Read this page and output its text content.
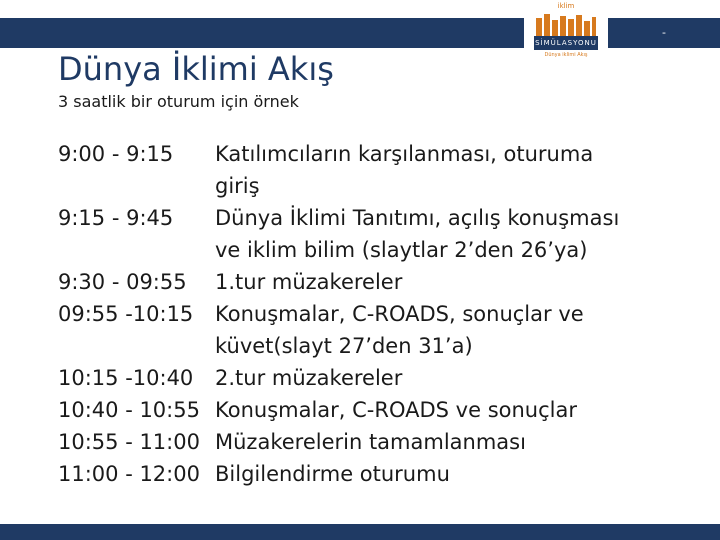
-
iklim
SİMÜLASYONU
Dünya iklimi Akış
Dünya İklimi Akış
3 saatlik bir oturum için örnek
9:00 - 9:15	Katılımcıların karşılanması, oturuma
giriş
9:15 - 9:45	Dünya İklimi Tanıtımı, açılış konuşması
ve iklim bilim (slaytlar 2’den 26’ya)
9:30 - 09:55	1.tur müzakereler
09:55 -10:15	Konuşmalar, C-ROADS, sonuçlar ve
küvet(slayt 27’den 31’a)
10:15 -10:40	2.tur müzakereler
10:40 - 10:55 Konuşmalar, C-ROADS ve sonuçlar
10:55 - 11:00 Müzakerelerin tamamlanması
11:00 - 12:00 Bilgilendirme oturumu
